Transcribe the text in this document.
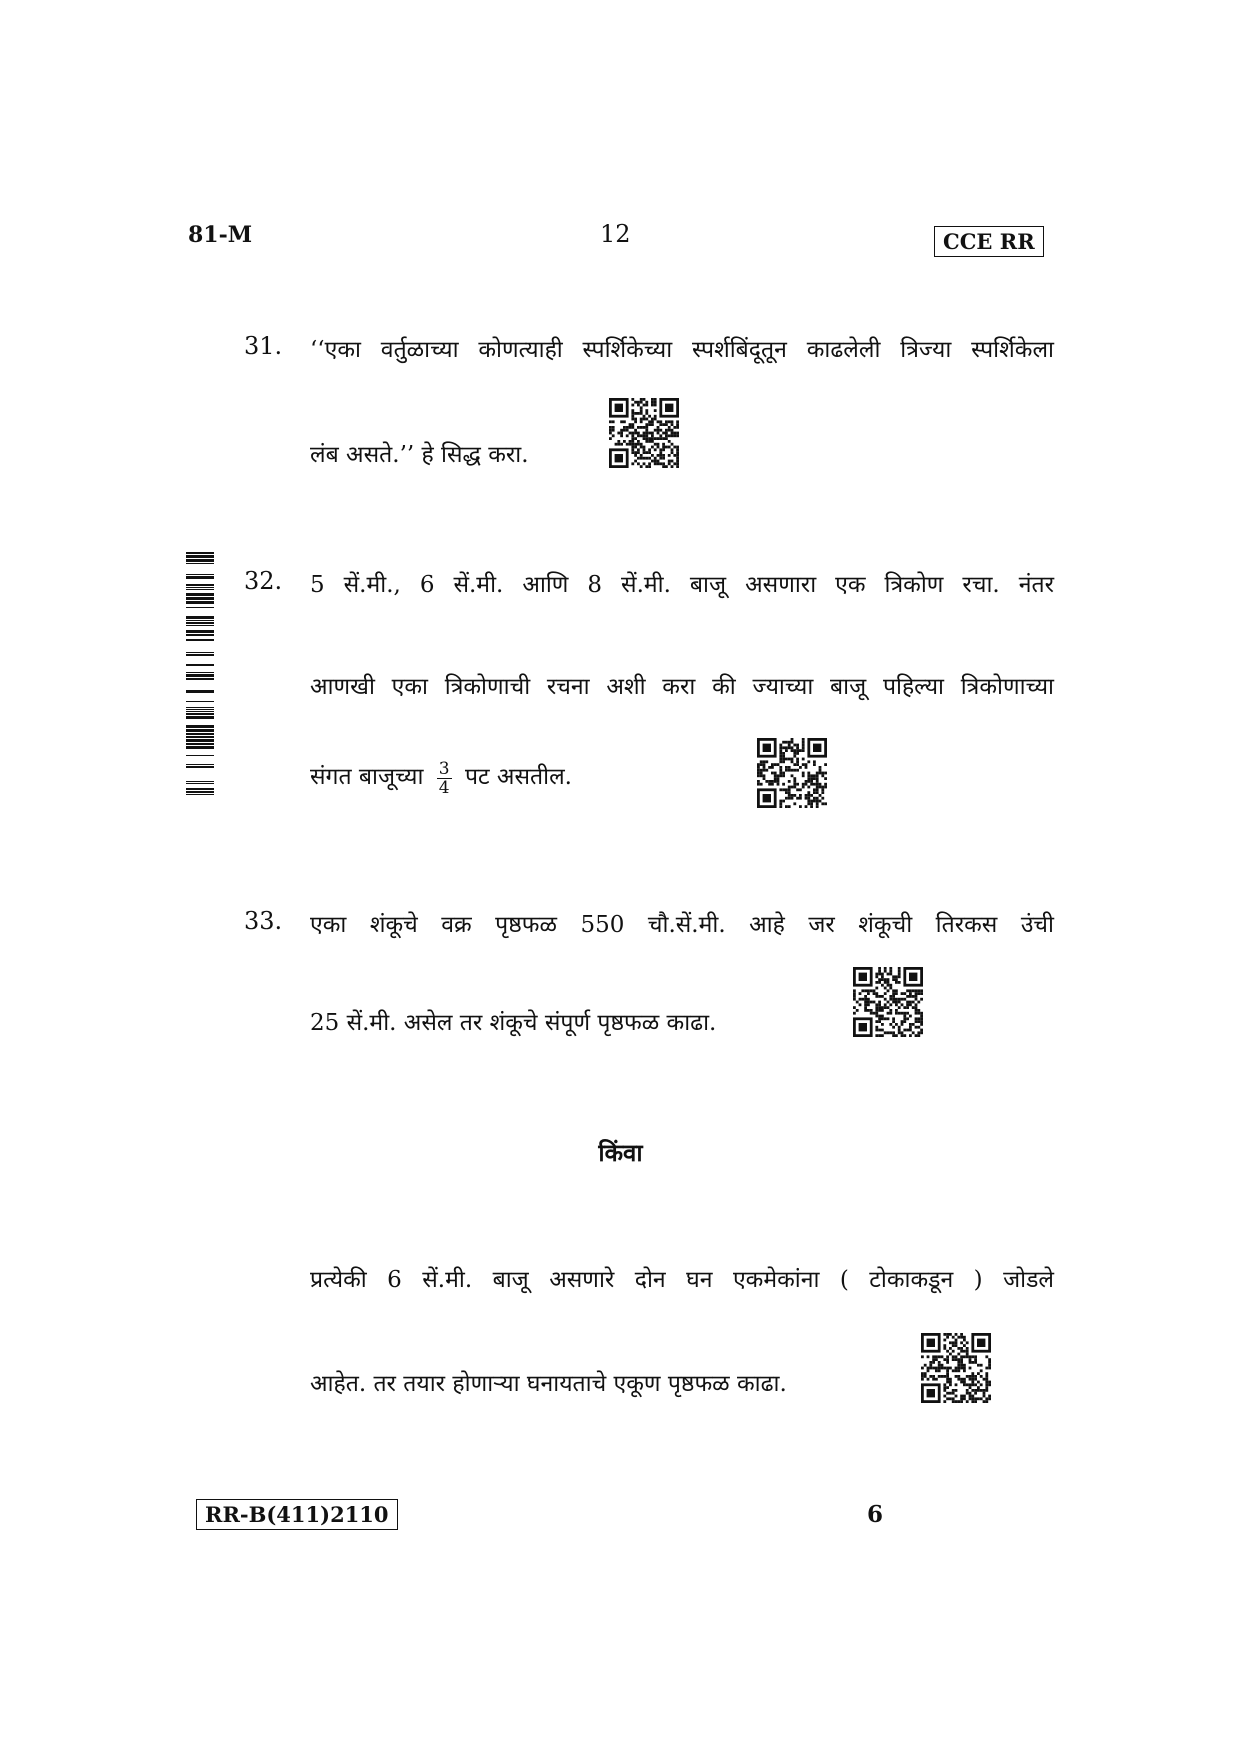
81-M	12	CCE RR
31. ‘‘एका वर्तुळाच्या कोणत्याही स्पर्शिकेच्या स्पर्शबिंदूतून काढलेली त्रिज्या स्पर्शिकेला
लंब असते.’’ हे सिद्ध करा.
32. 5 सें.मी., 6 सें.मी. आणि 8 सें.मी. बाजू असणारा एक त्रिकोण रचा. नंतर
आणखी एका त्रिकोणाची रचना अशी करा की ज्याच्या बाजू पहिल्या त्रिकोणाच्या
संगत बाजूच्या $\frac{3}{4}$ पट असतील.
33. एका शंकूचे वक्र पृष्ठफळ 550 चौ.सें.मी. आहे जर शंकूची तिरकस उंची
25 सें.मी. असेल तर शंकूचे संपूर्ण पृष्ठफळ काढा.
किंवा
प्रत्येकी 6 सें.मी. बाजू असणारे दोन घन एकमेकांना ( टोकाकडून ) जोडले
आहेत. तर तयार होणाऱ्या घनायताचे एकूण पृष्ठफळ काढा.
RR-B(411)2110	6
